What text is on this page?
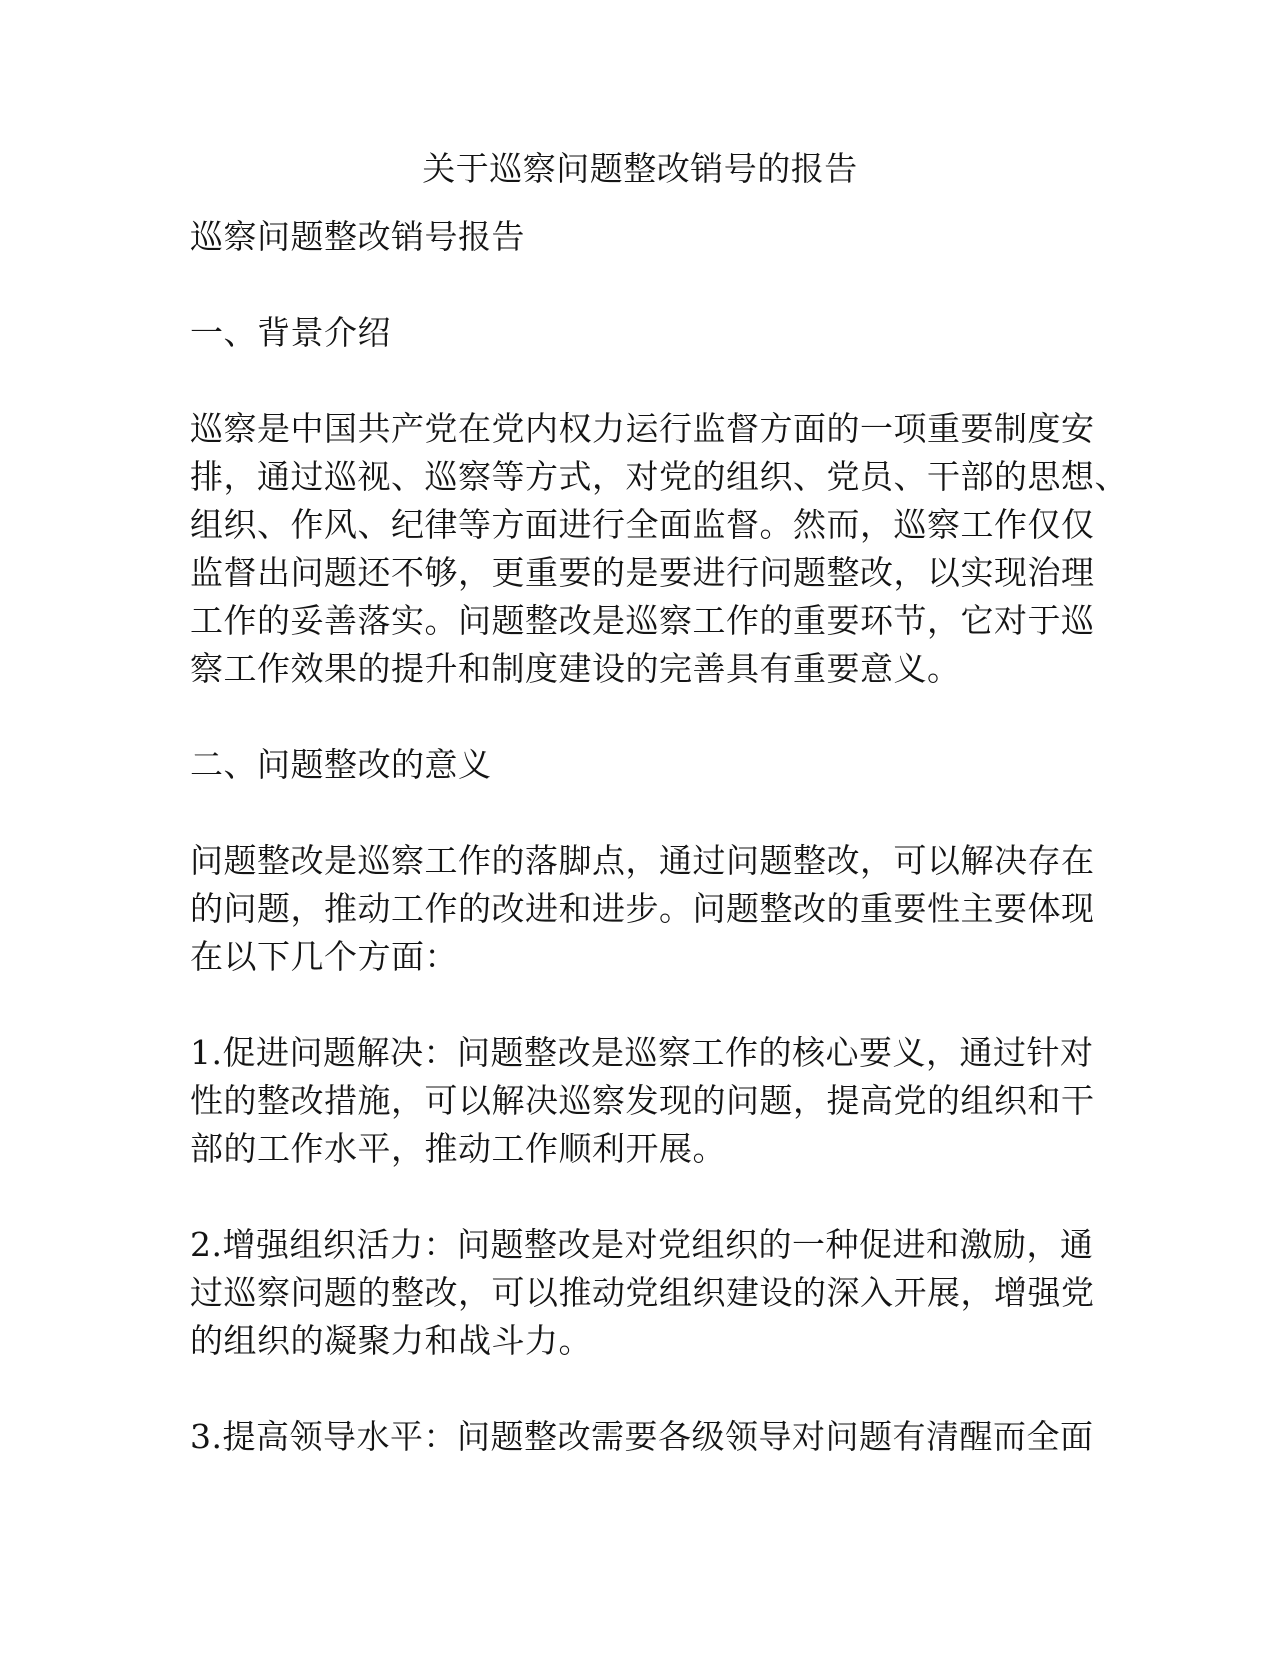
关于巡察问题整改销号的报告

巡察问题整改销号报告

一、背景介绍

巡察是中国共产党在党内权力运行监督方面的一项重要制度安
排，通过巡视、巡察等方式，对党的组织、党员、干部的思想、
组织、作风、纪律等方面进行全面监督。然而，巡察工作仅仅
监督出问题还不够，更重要的是要进行问题整改，以实现治理
工作的妥善落实。问题整改是巡察工作的重要环节，它对于巡
察工作效果的提升和制度建设的完善具有重要意义。

二、问题整改的意义

问题整改是巡察工作的落脚点，通过问题整改，可以解决存在
的问题，推动工作的改进和进步。问题整改的重要性主要体现
在以下几个方面：

1.促进问题解决：问题整改是巡察工作的核心要义，通过针对
性的整改措施，可以解决巡察发现的问题，提高党的组织和干
部的工作水平，推动工作顺利开展。

2.增强组织活力：问题整改是对党组织的一种促进和激励，通
过巡察问题的整改，可以推动党组织建设的深入开展，增强党
的组织的凝聚力和战斗力。

3.提高领导水平：问题整改需要各级领导对问题有清醒而全面
